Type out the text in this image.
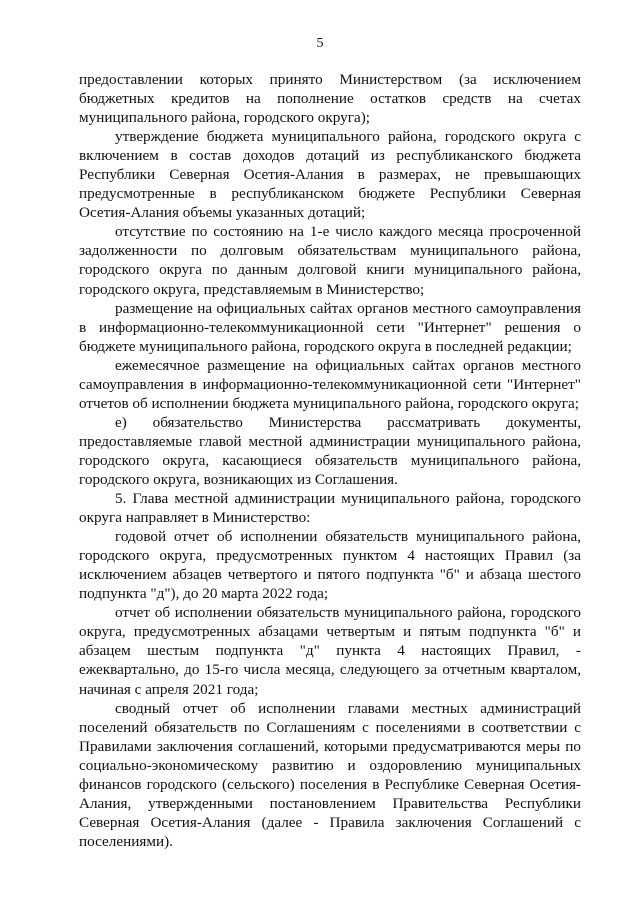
5

предоставлении которых принято Министерством (за исключением бюджетных кредитов на пополнение остатков средств на счетах муниципального района, городского округа);

утверждение бюджета муниципального района, городского округа с включением в состав доходов дотаций из республиканского бюджета Республики Северная Осетия-Алания в размерах, не превышающих предусмотренные в республиканском бюджете Республики Северная Осетия-Алания объемы указанных дотаций;

отсутствие по состоянию на 1-е число каждого месяца просроченной задолженности по долговым обязательствам муниципального района, городского округа по данным долговой книги муниципального района, городского округа, представляемым в Министерство;

размещение на официальных сайтах органов местного самоуправления в информационно-телекоммуникационной сети "Интернет" решения о бюджете муниципального района, городского округа в последней редакции;

ежемесячное размещение на официальных сайтах органов местного самоуправления в информационно-телекоммуникационной сети "Интернет" отчетов об исполнении бюджета муниципального района, городского округа;

е) обязательство Министерства рассматривать документы, предоставляемые главой местной администрации муниципального района, городского округа, касающиеся обязательств муниципального района, городского округа, возникающих из Соглашения.

5. Глава местной администрации муниципального района, городского округа направляет в Министерство:

годовой отчет об исполнении обязательств муниципального района, городского округа, предусмотренных пунктом 4 настоящих Правил (за исключением абзацев четвертого и пятого подпункта "б" и абзаца шестого подпункта "д"), до 20 марта 2022 года;

отчет об исполнении обязательств муниципального района, городского округа, предусмотренных абзацами четвертым и пятым подпункта "б" и абзацем шестым подпункта "д" пункта 4 настоящих Правил, - ежеквартально, до 15-го числа месяца, следующего за отчетным кварталом, начиная с апреля 2021 года;

сводный отчет об исполнении главами местных администраций поселений обязательств по Соглашениям с поселениями в соответствии с Правилами заключения соглашений, которыми предусматриваются меры по социально-экономическому развитию и оздоровлению муниципальных финансов городского (сельского) поселения в Республике Северная Осетия-Алания, утвержденными постановлением Правительства Республики Северная Осетия-Алания (далее - Правила заключения Соглашений с поселениями).
